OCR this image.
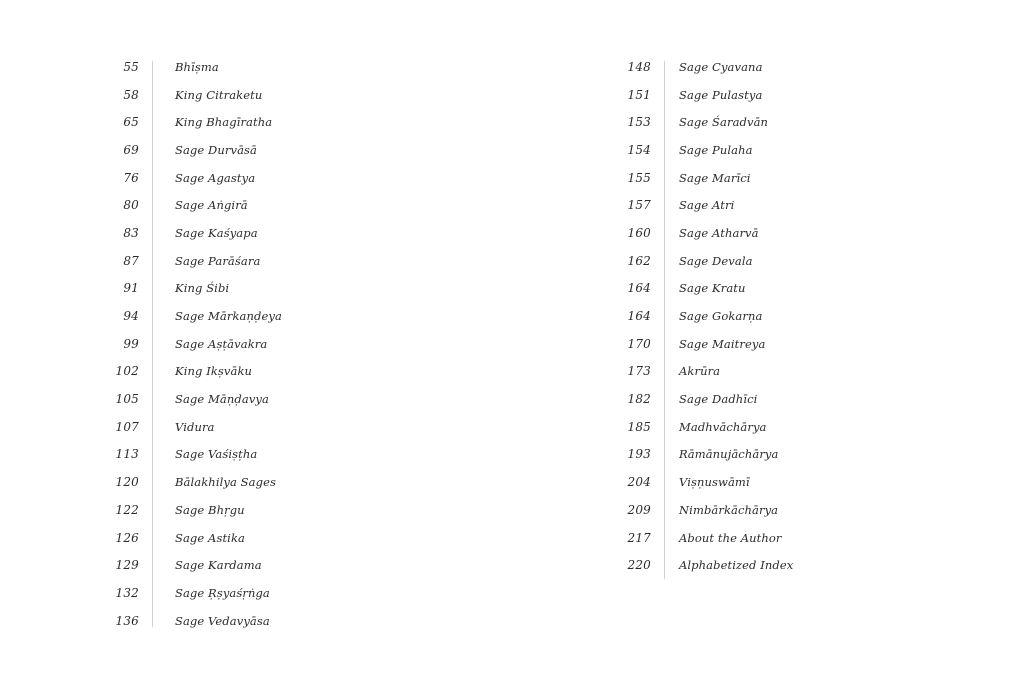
55	Bhīṣma
58	King Citraketu
65	King Bhagīratha
69	Sage Durvāsā
76	Sage Agastya
80	Sage Aṅgirā
83	Sage Kaśyapa
87	Sage Parāśara
91	King Śibi
94	Sage Mārkaṇḍeya
99	Sage Aṣṭāvakra
102	King Ikṣvāku
105	Sage Māṇḍavya
107	Vidura
113	Sage Vaśiṣṭha
120	Bālakhilya Sages
122	Sage Bhṛgu
126	Sage Astika
129	Sage Kardama
132	Sage Ṛṣyaśṛṅga
136	Sage Vedavyāsa
148 Sage Cyavana
151 Sage Pulastya
153 Sage Śaradvān
154 Sage Pulaha
155 Sage Marīci
157 Sage Atri
160 Sage Atharvā
162 Sage Devala
164 Sage Kratu
164 Sage Gokarṇa
170 Sage Maitreya
173 Akrūra
182 Sage Dadhīci
185 Madhvāchārya
193 Rāmānujāchārya
204 Viṣṇuswāmī
209 Nimbārkāchārya
217 About the Author
220 Alphabetized Index
